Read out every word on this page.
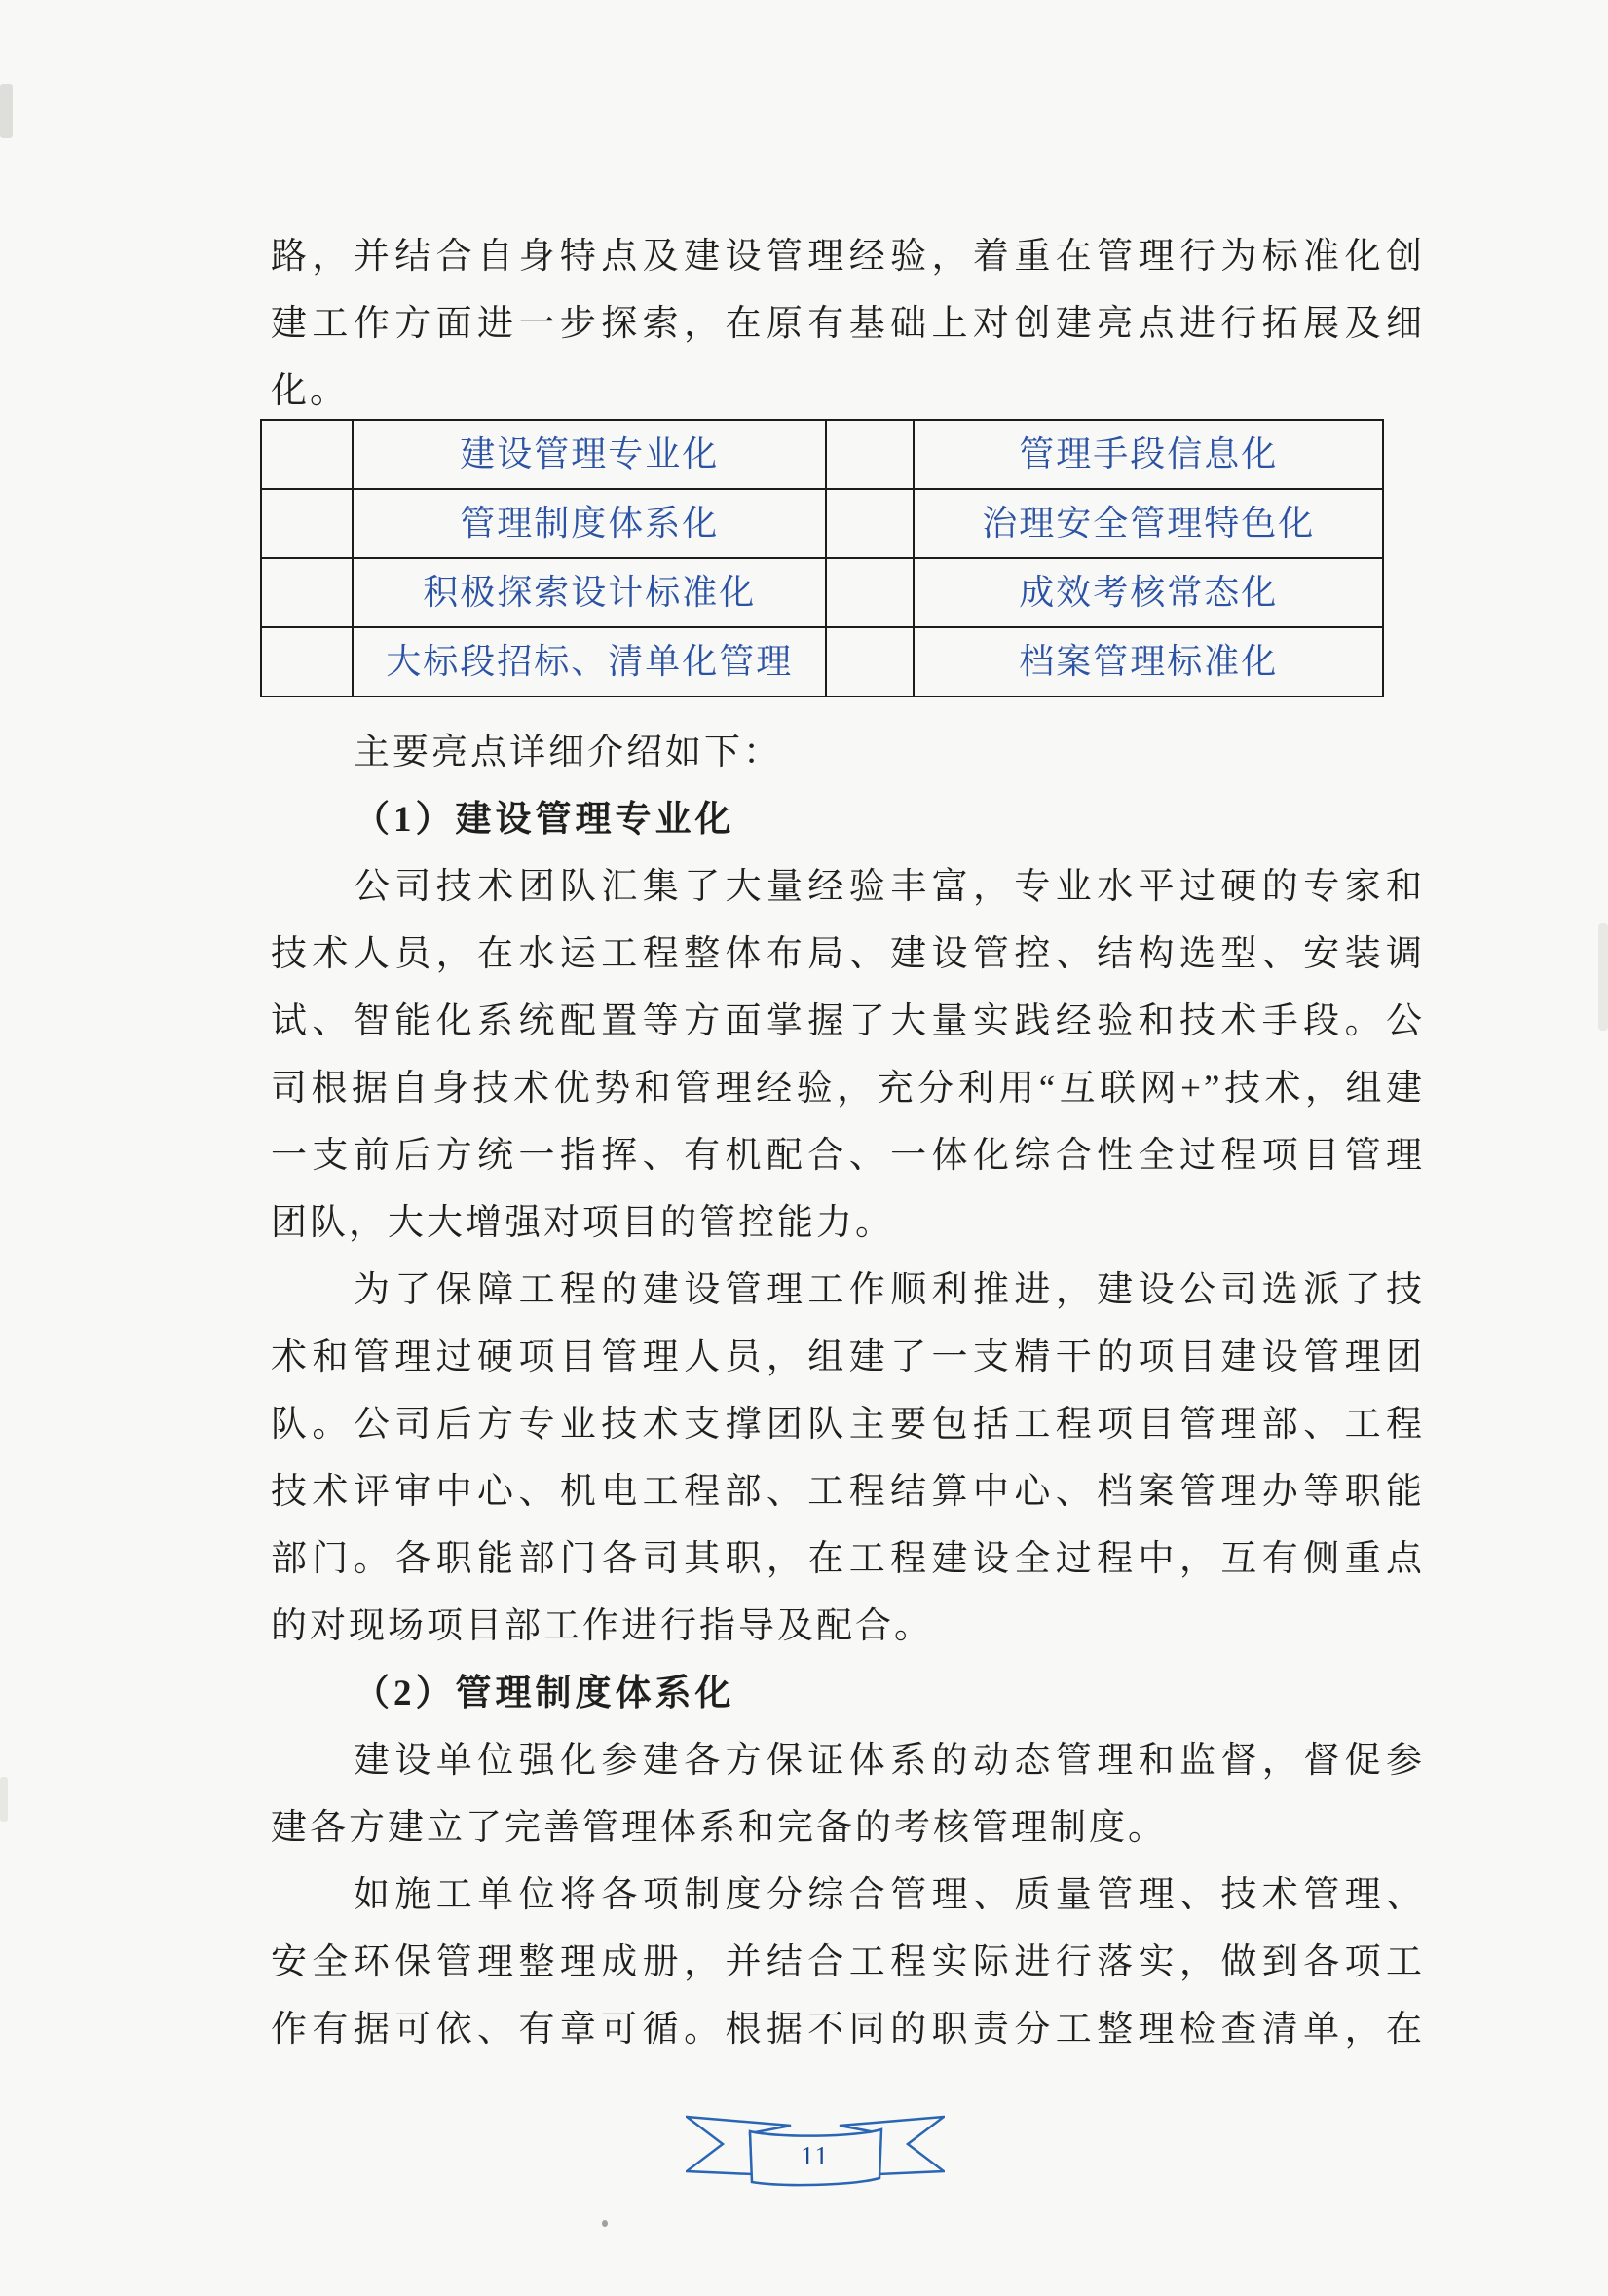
路，并结合自身特点及建设管理经验，着重在管理行为标准化创
建工作方面进一步探索，在原有基础上对创建亮点进行拓展及细
化。
	建设管理专业化		管理手段信息化
	管理制度体系化		治理安全管理特色化
	积极探索设计标准化		成效考核常态化
	大标段招标、清单化管理		档案管理标准化
主要亮点详细介绍如下：
（1）建设管理专业化
公司技术团队汇集了大量经验丰富，专业水平过硬的专家和
技术人员，在水运工程整体布局、建设管控、结构选型、安装调
试、智能化系统配置等方面掌握了大量实践经验和技术手段。公
司根据自身技术优势和管理经验，充分利用“互联网+”技术，组建
一支前后方统一指挥、有机配合、一体化综合性全过程项目管理
团队，大大增强对项目的管控能力。
为了保障工程的建设管理工作顺利推进，建设公司选派了技
术和管理过硬项目管理人员，组建了一支精干的项目建设管理团
队。公司后方专业技术支撑团队主要包括工程项目管理部、工程
技术评审中心、机电工程部、工程结算中心、档案管理办等职能
部门。各职能部门各司其职，在工程建设全过程中，互有侧重点
的对现场项目部工作进行指导及配合。
（2）管理制度体系化
建设单位强化参建各方保证体系的动态管理和监督，督促参
建各方建立了完善管理体系和完备的考核管理制度。
如施工单位将各项制度分综合管理、质量管理、技术管理、
安全环保管理整理成册，并结合工程实际进行落实，做到各项工
作有据可依、有章可循。根据不同的职责分工整理检查清单，在
11
